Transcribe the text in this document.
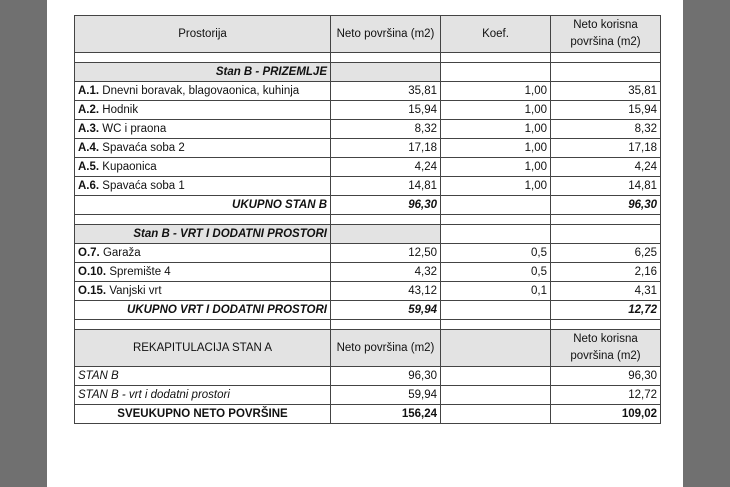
Prostorija	Neto površina (m2)	Koef.	Neto korisna površina (m2)

Stan B - PRIZEMLJE			
A.1. Dnevni boravak, blagovaonica, kuhinja	35,81	1,00	35,81
A.2. Hodnik	15,94	1,00	15,94
A.3. WC i praona	8,32	1,00	8,32
A.4. Spavaća soba 2	17,18	1,00	17,18
A.5. Kupaonica	4,24	1,00	4,24
A.6. Spavaća soba 1	14,81	1,00	14,81
UKUPNO STAN B	96,30		96,30

Stan B - VRT I DODATNI PROSTORI			
O.7. Garaža	12,50	0,5	6,25
O.10. Spremište 4	4,32	0,5	2,16
O.15. Vanjski vrt	43,12	0,1	4,31
UKUPNO VRT I DODATNI PROSTORI	59,94		12,72

REKAPITULACIJA STAN A	Neto površina (m2)		Neto korisna površina (m2)
STAN B	96,30		96,30
STAN B - vrt i dodatni prostori	59,94		12,72
SVEUKUPNO NETO POVRŠINE	156,24		109,02
